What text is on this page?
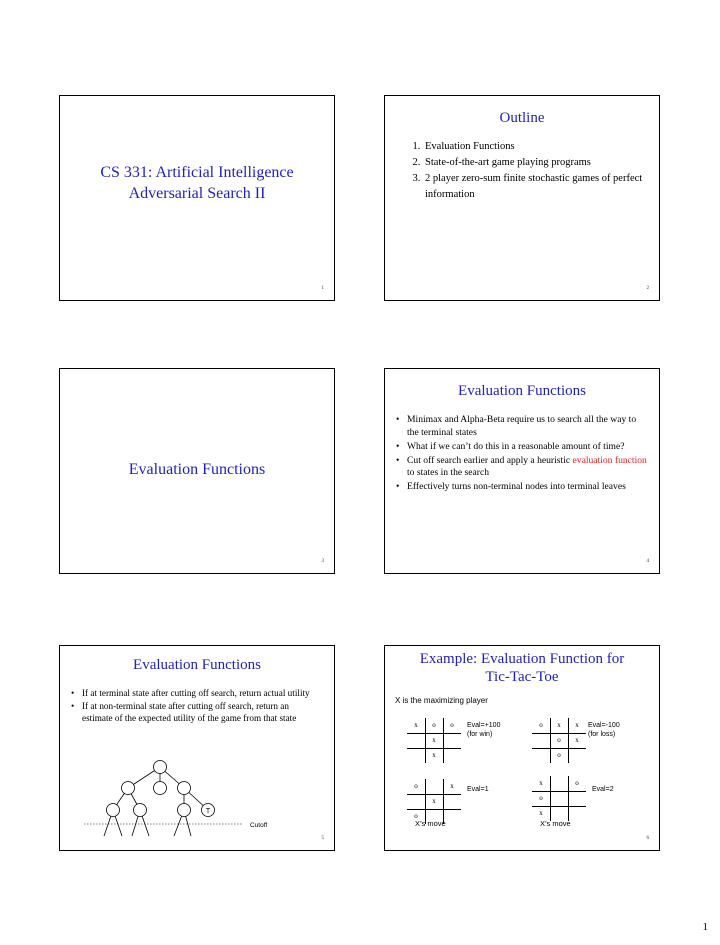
CS 331: Artificial Intelligence
Adversarial Search II
1
Outline
1. Evaluation Functions
2. State-of-the-art game playing programs
3. 2 player zero-sum finite stochastic games of perfect information
2
Evaluation Functions
3
Evaluation Functions
• Minimax and Alpha-Beta require us to search all the way to the terminal states
• What if we can’t do this in a reasonable amount of time?
• Cut off search earlier and apply a heuristic evaluation function to states in the search
• Effectively turns non-terminal nodes into terminal leaves
4
Evaluation Functions
• If at terminal state after cutting off search, return actual utility
• If at non-terminal state after cutting off search, return an estimate of the expected utility of the game from that state
T
Cutoff
5
Example: Evaluation Function for
Tic-Tac-Toe
X is the maximizing player
x	o	o
x
x
Eval=+100
(for win)
o	x	x
o	x
o
Eval=-100
(for loss)
o	x
x
o
Eval=1
X’s move
x	o
o
x
Eval=2
X’s move
6
1
